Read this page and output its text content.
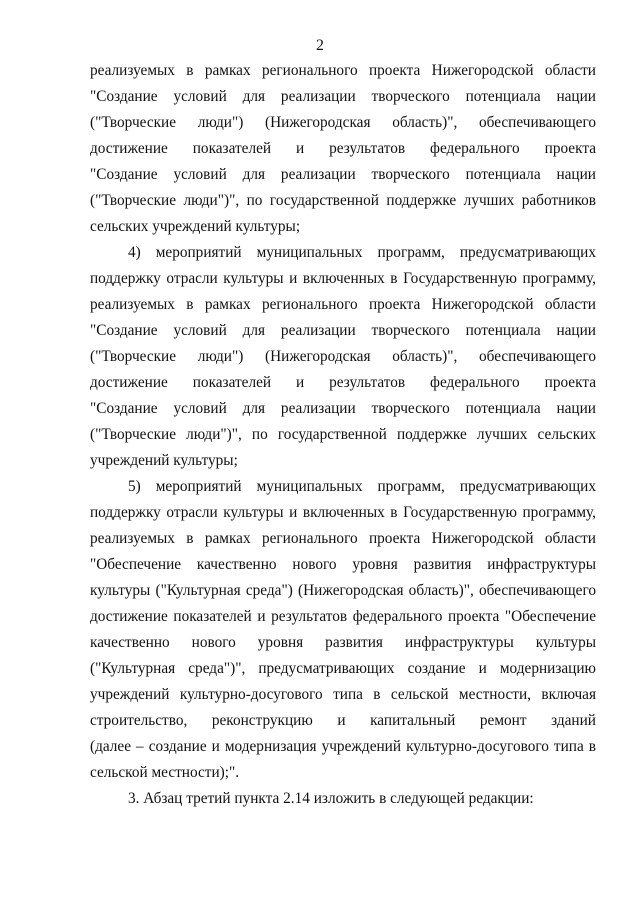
2
реализуемых в рамках регионального проекта Нижегородской области
"Создание условий для реализации творческого потенциала нации
("Творческие люди") (Нижегородская область)", обеспечивающего
достижение показателей и результатов федерального проекта
"Создание условий для реализации творческого потенциала нации
("Творческие люди")", по государственной поддержке лучших работников
сельских учреждений культуры;
4) мероприятий муниципальных программ, предусматривающих
поддержку отрасли культуры и включенных в Государственную программу,
реализуемых в рамках регионального проекта Нижегородской области
"Создание условий для реализации творческого потенциала нации
("Творческие люди") (Нижегородская область)", обеспечивающего
достижение показателей и результатов федерального проекта
"Создание условий для реализации творческого потенциала нации
("Творческие люди")", по государственной поддержке лучших сельских
учреждений культуры;
5) мероприятий муниципальных программ, предусматривающих
поддержку отрасли культуры и включенных в Государственную программу,
реализуемых в рамках регионального проекта Нижегородской области
"Обеспечение качественно нового уровня развития инфраструктуры
культуры ("Культурная среда") (Нижегородская область)", обеспечивающего
достижение показателей и результатов федерального проекта "Обеспечение
качественно нового уровня развития инфраструктуры культуры
("Культурная среда")", предусматривающих создание и модернизацию
учреждений культурно-досугового типа в сельской местности, включая
строительство, реконструкцию и капитальный ремонт зданий
(далее – создание и модернизация учреждений культурно-досугового типа в
сельской местности);".
3. Абзац третий пункта 2.14 изложить в следующей редакции:
